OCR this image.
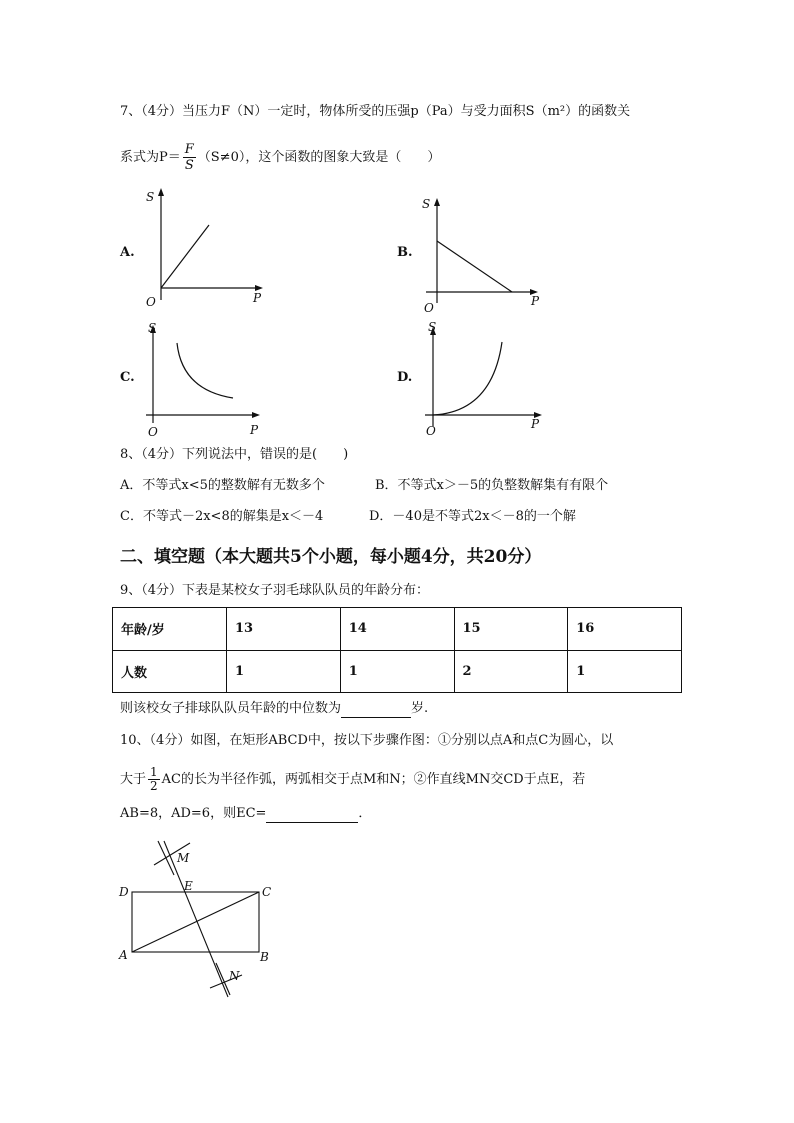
7、（4分）当压力F（N）一定时，物体所受的压强p（Pa）与受力面积S（m²）的函数关
系式为$P= \frac{F}{S} (S\ne 0)$，这个函数的图象大致是（　　）
A.
S
P
O
B.
S
P
O
C.
S
P
O
D.
S
P
O
8、（4分）下列说法中，错误的是(　　)
A．不等式x<5的整数解有无数多个	B．不等式x＞－5的负整数解集有有限个
C．不等式－2x<8的解集是x＜－4	D．－40是不等式2x＜－8的一个解
二、填空题（本大题共5个小题，每小题4分，共20分）
9、（4分）下表是某校女子羽毛球队队员的年龄分布：
年龄/岁	13	14	15	16
人数	1	1	2	1
则该校女子排球队队员年龄的中位数为	岁.
10、（4分）如图，在矩形ABCD中，按以下步骤作图：①分别以点A和点C为圆心，以
大于 $\frac{1}{2}$ AC的长为半径作弧，两弧相交于点M和N；②作直线MN交CD于点E，若
AB=8，AD=6，则EC=	．
M
E
D	C
A	B
N
